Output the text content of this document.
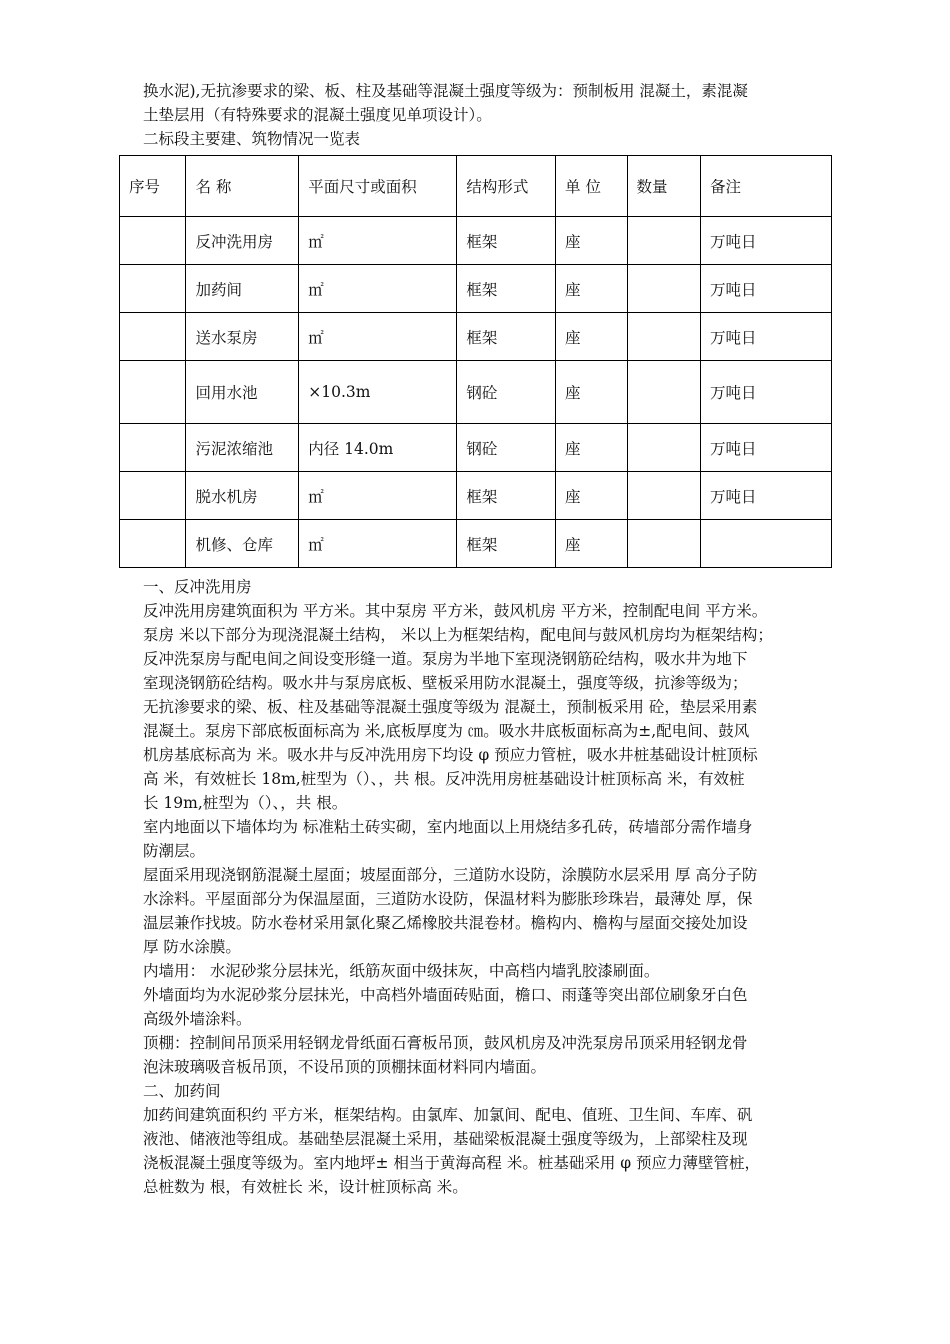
换水泥),无抗渗要求的梁、板、柱及基础等混凝土强度等级为：预制板用 混凝土，素混凝
土垫层用（有特殊要求的混凝土强度见单项设计）。
二标段主要建、筑物情况一览表
序号	名 称	平面尺寸或面积	结构形式	单 位	数量	备注
	反冲洗用房	㎡	框架	座		万吨日
	加药间	㎡	框架	座		万吨日
	送水泵房	㎡	框架	座		万吨日
	回用水池	×10.3m	钢砼	座		万吨日
	污泥浓缩池	内径 14.0m	钢砼	座		万吨日
	脱水机房	㎡	框架	座		万吨日
	机修、仓库	㎡	框架	座		
一、反冲洗用房
反冲洗用房建筑面积为 平方米。其中泵房 平方米，鼓风机房 平方米，控制配电间 平方米。
泵房 米以下部分为现浇混凝土结构， 米以上为框架结构，配电间与鼓风机房均为框架结构；
反冲洗泵房与配电间之间设变形缝一道。泵房为半地下室现浇钢筋砼结构，吸水井为地下
室现浇钢筋砼结构。吸水井与泵房底板、壁板采用防水混凝土，强度等级，抗渗等级为；
无抗渗要求的梁、板、柱及基础等混凝土强度等级为 混凝土，预制板采用 砼，垫层采用素
混凝土。泵房下部底板面标高为 米,底板厚度为 ㎝。吸水井底板面标高为±,配电间、鼓风
机房基底标高为 米。吸水井与反冲洗用房下均设 φ 预应力管桩，吸水井桩基础设计桩顶标
高 米，有效桩长 18m,桩型为（）、，共 根。反冲洗用房桩基础设计桩顶标高 米，有效桩
长 19m,桩型为（）、，共 根。
室内地面以下墙体均为 标准粘土砖实砌，室内地面以上用烧结多孔砖，砖墙部分需作墙身
防潮层。
屋面采用现浇钢筋混凝土屋面；坡屋面部分，三道防水设防，涂膜防水层采用 厚 高分子防
水涂料。平屋面部分为保温屋面，三道防水设防，保温材料为膨胀珍珠岩，最薄处 厚，保
温层兼作找坡。防水卷材采用氯化聚乙烯橡胶共混卷材。檐构内、檐构与屋面交接处加设
厚 防水涂膜。
内墙用： 水泥砂浆分层抹光，纸筋灰面中级抹灰，中高档内墙乳胶漆刷面。
外墙面均为水泥砂浆分层抹光，中高档外墙面砖贴面，檐口、雨蓬等突出部位刷象牙白色
高级外墙涂料。
顶棚：控制间吊顶采用轻钢龙骨纸面石膏板吊顶，鼓风机房及冲洗泵房吊顶采用轻钢龙骨
泡沫玻璃吸音板吊顶，不设吊顶的顶棚抹面材料同内墙面。
二、加药间
加药间建筑面积约 平方米，框架结构。由氯库、加氯间、配电、值班、卫生间、车库、矾
液池、储液池等组成。基础垫层混凝土采用，基础梁板混凝土强度等级为，上部梁柱及现
浇板混凝土强度等级为。室内地坪± 相当于黄海高程 米。桩基础采用 φ 预应力薄壁管桩，
总桩数为 根，有效桩长 米，设计桩顶标高 米。
